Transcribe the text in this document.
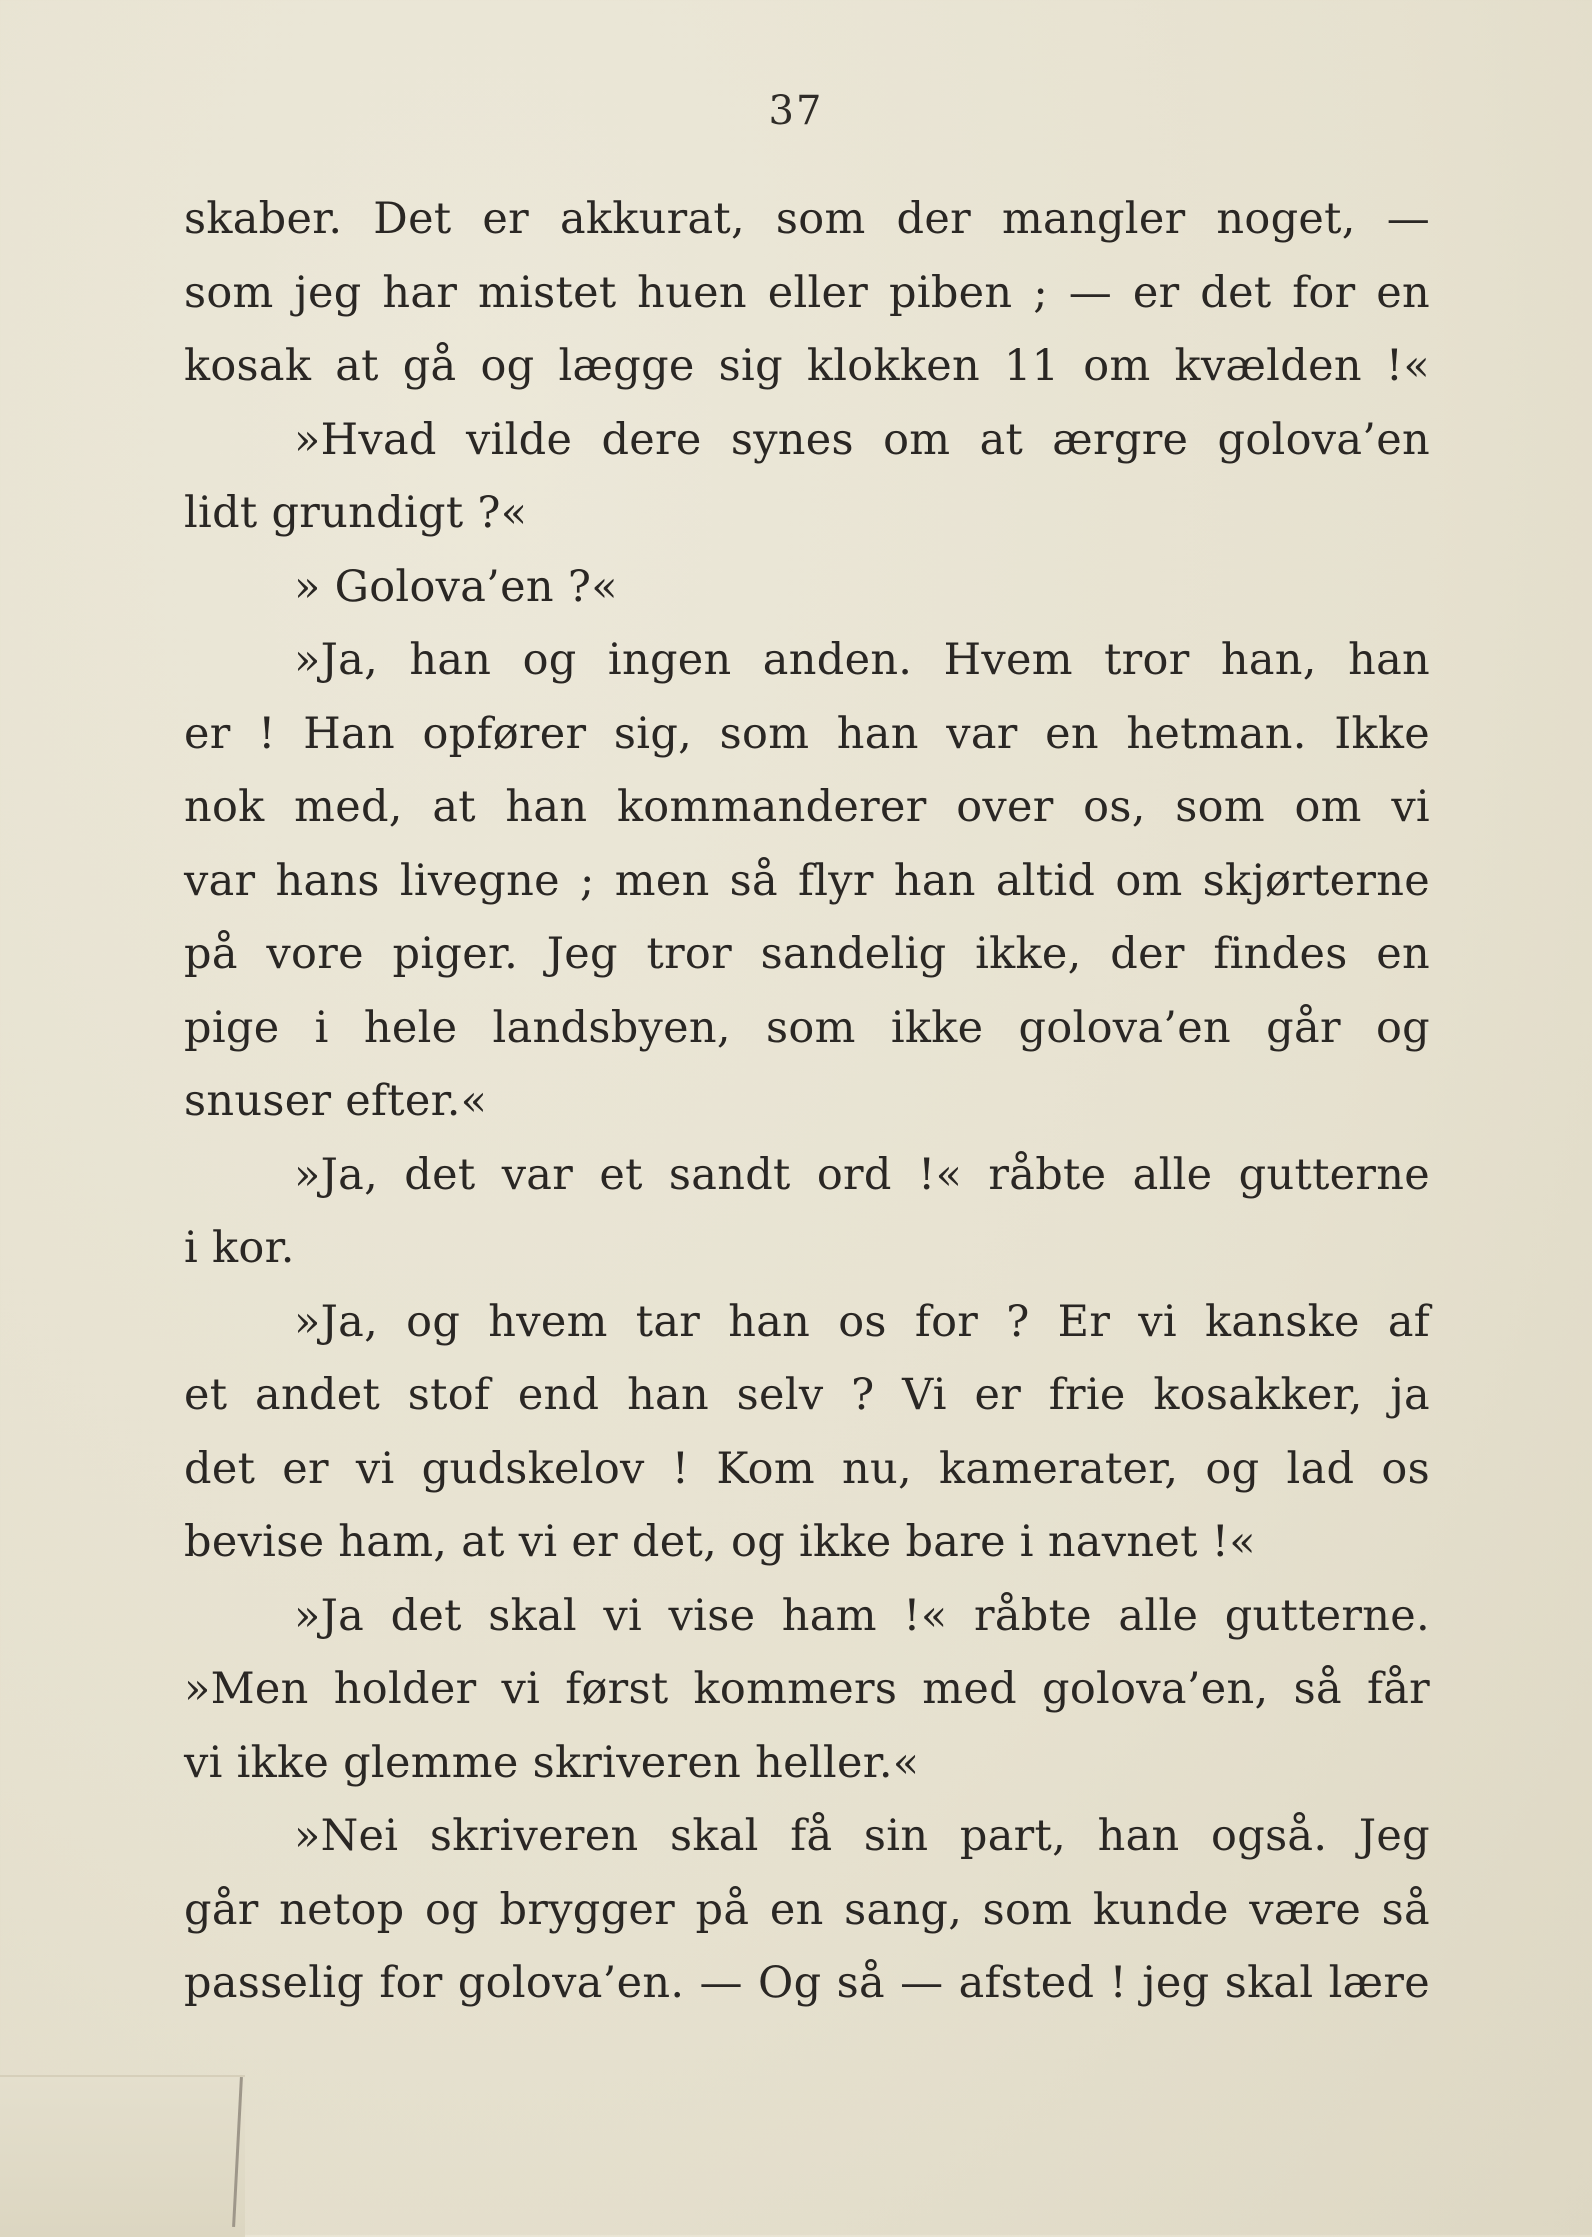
37
skaber. Det er akkurat, som der mangler noget, —
som jeg har mistet huen eller piben ; — er det for en
kosak at gå og lægge sig klokken 11 om kvælden !«
»Hvad vilde dere synes om at ærgre golova’en
lidt grundigt ?«
» Golova’en ?«
»Ja, han og ingen anden. Hvem tror han, han
er ! Han opfører sig, som han var en hetman. Ikke
nok med, at han kommanderer over os, som om vi
var hans livegne ; men så flyr han altid om skjørterne
på vore piger. Jeg tror sandelig ikke, der findes en
pige i hele landsbyen, som ikke golova’en går og
snuser efter.«
»Ja, det var et sandt ord !« råbte alle gutterne
i kor.
»Ja, og hvem tar han os for ? Er vi kanske af
et andet stof end han selv ? Vi er frie kosakker, ja
det er vi gudskelov ! Kom nu, kamerater, og lad os
bevise ham, at vi er det, og ikke bare i navnet !«
»Ja det skal vi vise ham !« råbte alle gutterne.
»Men holder vi først kommers med golova’en, så får
vi ikke glemme skriveren heller.«
»Nei skriveren skal få sin part, han også. Jeg
går netop og brygger på en sang, som kunde være så
passelig for golova’en. — Og så — afsted ! jeg skal lære
